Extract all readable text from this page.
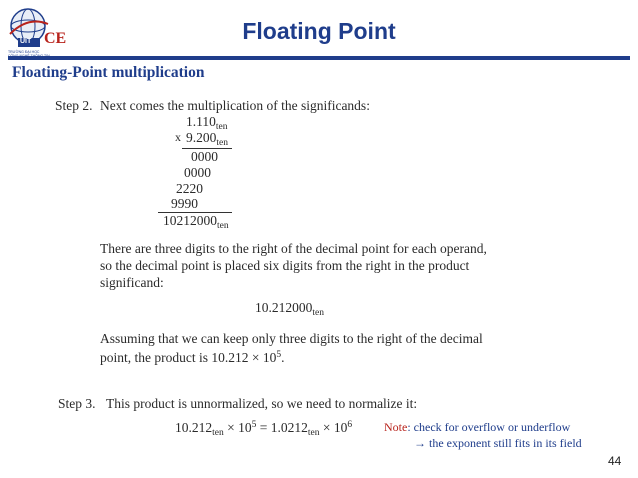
UIT CE
TRƯỜNG ĐẠI HỌC
Floating Point
Floating-Point multiplication
Step 2. Next comes the multiplication of the significands:
$1.110_{ten}$
x $9.200_{ten}$
0000
0000
2220
9990
$10212000_{ten}$
There are three digits to the right of the decimal point for each operand, so the decimal point is placed six digits from the right in the product significand:
$10.212000_{ten}$
Assuming that we can keep only three digits to the right of the decimal point, the product is $10.212 \times 10^5$.
Step 3. This product is unnormalized, so we need to normalize it:
$10.212_{ten} \times 10^5 = 1.0212_{ten} \times 10^6$	Note: check for overflow or underflow
→ the exponent still fits in its field
44
